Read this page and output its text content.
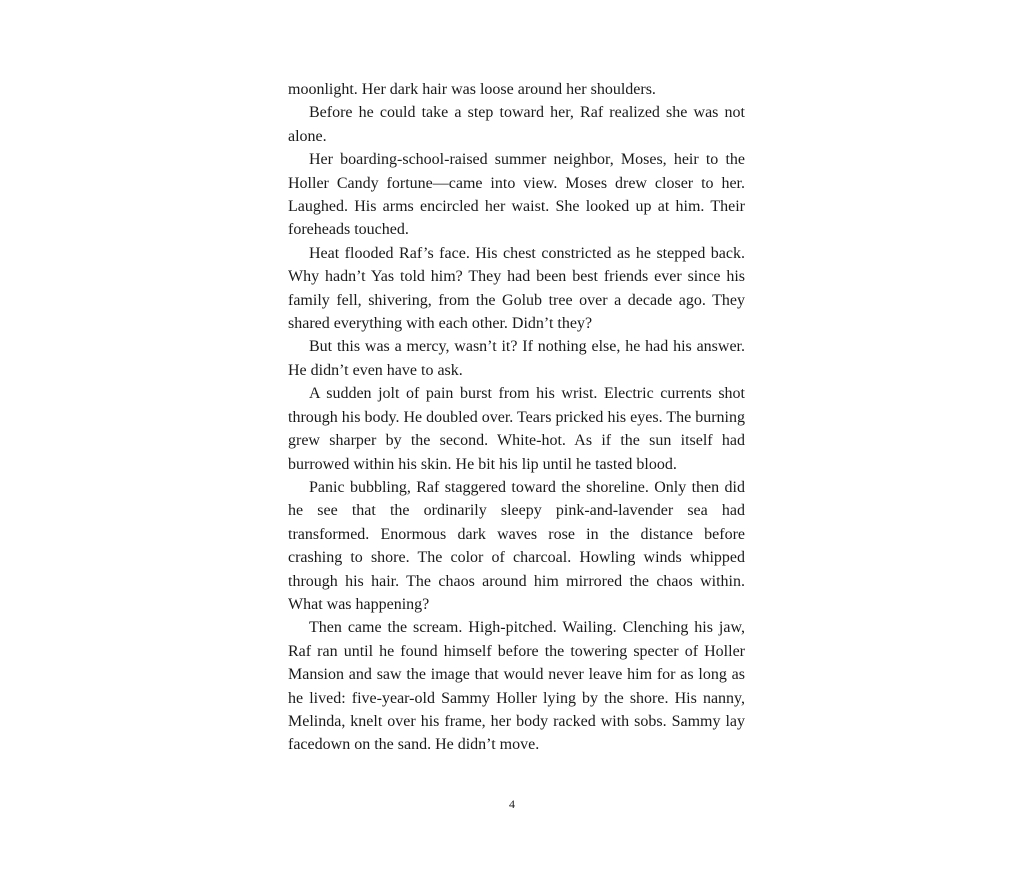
moonlight. Her dark hair was loose around her shoulders.

Before he could take a step toward her, Raf realized she was not alone.

Her boarding-school-raised summer neighbor, Moses, heir to the Holler Candy fortune—came into view. Moses drew closer to her. Laughed. His arms encircled her waist. She looked up at him. Their foreheads touched.

Heat flooded Raf’s face. His chest constricted as he stepped back. Why hadn’t Yas told him? They had been best friends ever since his family fell, shivering, from the Golub tree over a decade ago. They shared everything with each other. Didn’t they?

But this was a mercy, wasn’t it? If nothing else, he had his answer. He didn’t even have to ask.

A sudden jolt of pain burst from his wrist. Electric currents shot through his body. He doubled over. Tears pricked his eyes. The burning grew sharper by the second. White-hot. As if the sun itself had burrowed within his skin. He bit his lip until he tasted blood.

Panic bubbling, Raf staggered toward the shoreline. Only then did he see that the ordinarily sleepy pink-and-lavender sea had transformed. Enormous dark waves rose in the distance before crashing to shore. The color of charcoal. Howling winds whipped through his hair. The chaos around him mirrored the chaos within. What was happening?

Then came the scream. High-pitched. Wailing. Clenching his jaw, Raf ran until he found himself before the towering specter of Holler Mansion and saw the image that would never leave him for as long as he lived: five-year-old Sammy Holler lying by the shore. His nanny, Melinda, knelt over his frame, her body racked with sobs. Sammy lay facedown on the sand. He didn’t move.

4
